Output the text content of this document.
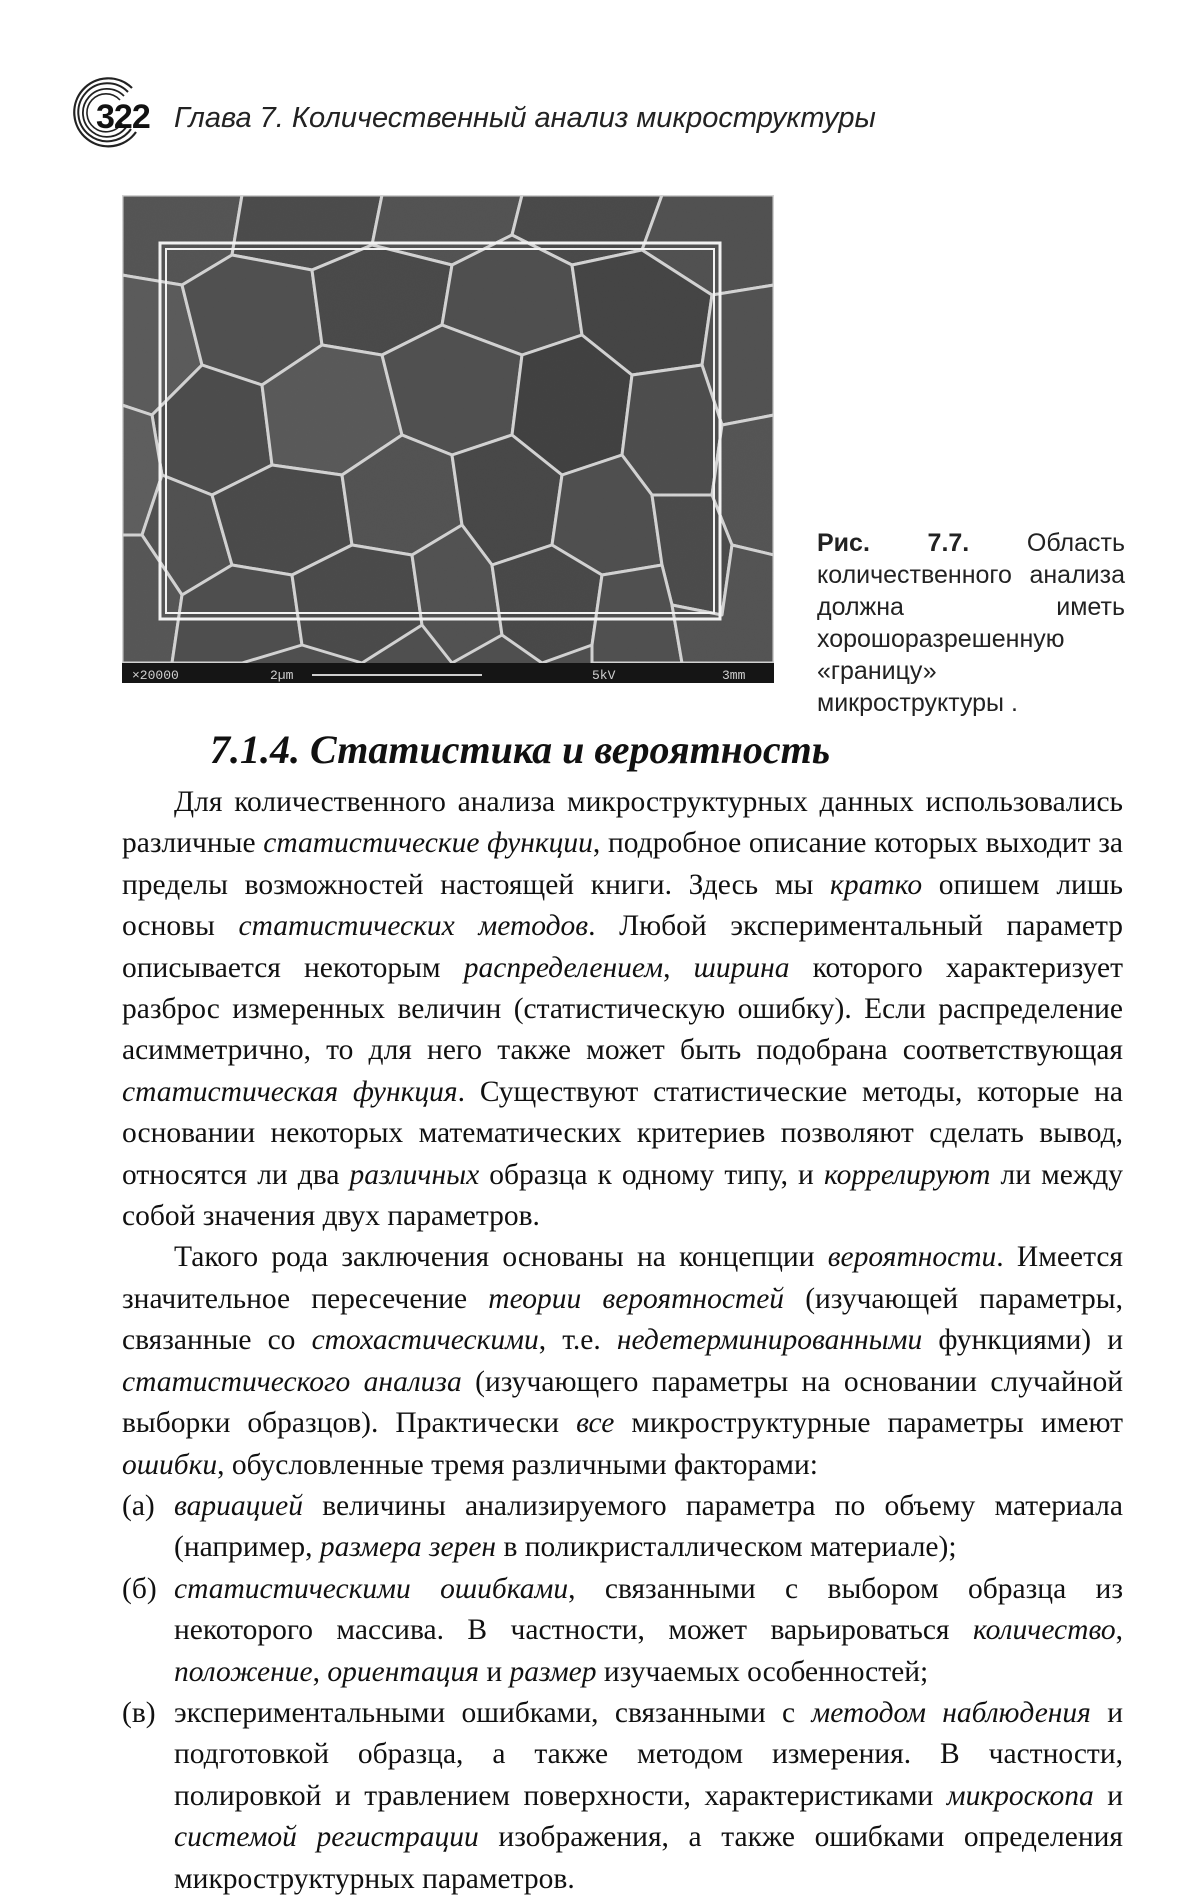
322 Глава 7. Количественный анализ микроструктуры
×20000	2µm	5kV	3mm
Рис. 7.7. Область количественного анализа должна иметь хорошоразрешенную «границу» микроструктуры .
7.1.4. Статистика и вероятность

Для количественного анализа микроструктурных данных использовались различные статистические функции, подробное описание которых выходит за пределы возможностей настоящей книги. Здесь мы кратко опишем лишь основы статистических методов. Любой экспериментальный параметр описывается некоторым распределением, ширина которого характеризует разброс измеренных величин (статистическую ошибку). Если распределение асимметрично, то для него также может быть подобрана соответствующая статистическая функция. Существуют статистические методы, которые на основании некоторых математических критериев позволяют сделать вывод, относятся ли два различных образца к одному типу, и коррелируют ли между собой значения двух параметров.

Такого рода заключения основаны на концепции вероятности. Имеется значительное пересечение теории вероятностей (изучающей параметры, связанные со стохастическими, т.е. недетерминированными функциями) и статистического анализа (изучающего параметры на основании случайной выборки образцов). Практически все микроструктурные параметры имеют ошибки, обусловленные тремя различными факторами:

(а) вариацией величины анализируемого параметра по объему материала (например, размера зерен в поликристаллическом материале);
(б) статистическими ошибками, связанными с выбором образца из некоторого массива. В частности, может варьироваться количество, положение, ориентация и размер изучаемых особенностей;
(в) экспериментальными ошибками, связанными с методом наблюдения и подготовкой образца, а также методом измерения. В частности, полировкой и травлением поверхности, характеристиками микроскопа и системой регистрации изображения, а также ошибками определения микроструктурных параметров.
